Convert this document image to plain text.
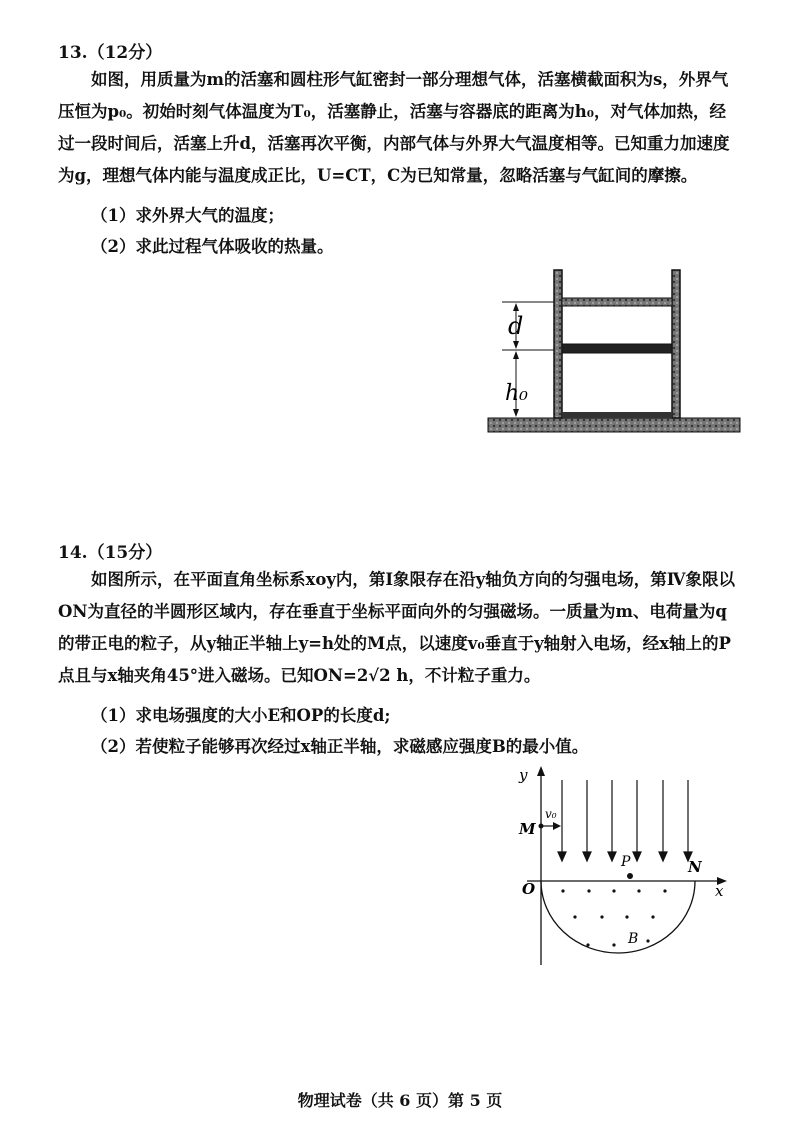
13.（12分）

如图，用质量为m的活塞和圆柱形气缸密封一部分理想气体，活塞横截面积为s，外界气压恒为p₀。初始时刻气体温度为T₀，活塞静止，活塞与容器底的距离为h₀，对气体加热，经过一段时间后，活塞上升d，活塞再次平衡，内部气体与外界大气温度相等。已知重力加速度为g，理想气体内能与温度成正比，U=CT，C为已知常量，忽略活塞与气缸间的摩擦。

（1）求外界大气的温度；
（2）求此过程气体吸收的热量。
d
h₀
14.（15分）

如图所示，在平面直角坐标系xoy内，第Ⅰ象限存在沿y轴负方向的匀强电场，第Ⅳ象限以ON为直径的半圆形区域内，存在垂直于坐标平面向外的匀强磁场。一质量为m、电荷量为q的带正电的粒子，从y轴正半轴上y=h处的M点，以速度v₀垂直于y轴射入电场，经x轴上的P点且与x轴夹角45°进入磁场。已知ON=2√2 h，不计粒子重力。

（1）求电场强度的大小E和OP的长度d;
（2）若使粒子能够再次经过x轴正半轴，求磁感应强度B的最小值。
y
x
O
M
v₀
P	N
B
物理试卷（共 6 页）第 5 页
